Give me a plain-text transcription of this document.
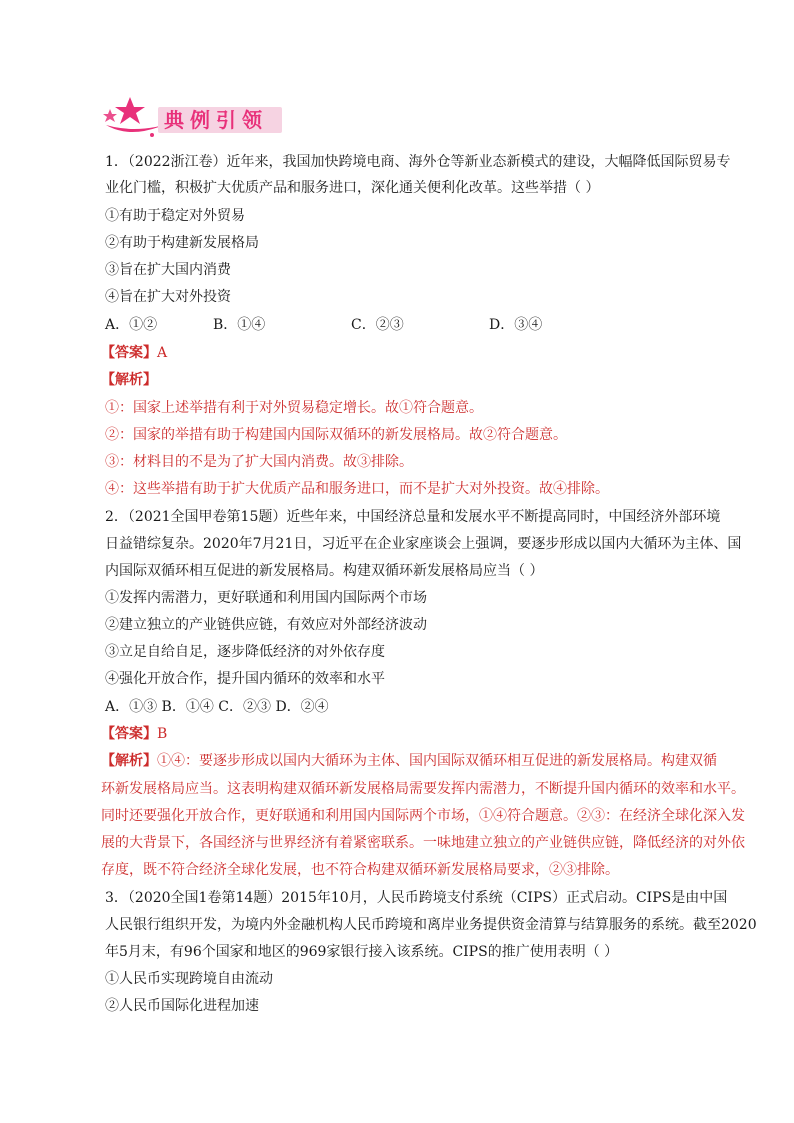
典例引领
1．（2022浙江卷）近年来，我国加快跨境电商、海外仓等新业态新模式的建设，大幅降低国际贸易专
业化门槛，积极扩大优质产品和服务进口，深化通关便利化改革。这些举措（ ）
①有助于稳定对外贸易
②有助于构建新发展格局
③旨在扩大国内消费
④旨在扩大对外投资
A．①②	B．①④	C．②③	D．③④
【答案】A
【解析】
①：国家上述举措有利于对外贸易稳定增长。故①符合题意。
②：国家的举措有助于构建国内国际双循环的新发展格局。故②符合题意。
③：材料目的不是为了扩大国内消费。故③排除。
④：这些举措有助于扩大优质产品和服务进口，而不是扩大对外投资。故④排除。
2．（2021全国甲卷第15题）近些年来，中国经济总量和发展水平不断提高同时，中国经济外部环境
日益错综复杂。2020年7月21日，习近平在企业家座谈会上强调，要逐步形成以国内大循环为主体、国
内国际双循环相互促进的新发展格局。构建双循环新发展格局应当（ ）
①发挥内需潜力，更好联通和利用国内国际两个市场
②建立独立的产业链供应链，有效应对外部经济波动
③立足自给自足，逐步降低经济的对外依存度
④强化开放合作，提升国内循环的效率和水平
A．①③ B．①④ C．②③ D．②④
【答案】B
【解析】①④：要逐步形成以国内大循环为主体、国内国际双循环相互促进的新发展格局。构建双循
环新发展格局应当。这表明构建双循环新发展格局需要发挥内需潜力，不断提升国内循环的效率和水平。
同时还要强化开放合作，更好联通和利用国内国际两个市场，①④符合题意。②③：在经济全球化深入发
展的大背景下，各国经济与世界经济有着紧密联系。一味地建立独立的产业链供应链，降低经济的对外依
存度，既不符合经济全球化发展，也不符合构建双循环新发展格局要求，②③排除。
3．（2020全国1卷第14题）2015年10月，人民币跨境支付系统（CIPS）正式启动。CIPS是由中国
人民银行组织开发，为境内外金融机构人民币跨境和离岸业务提供资金清算与结算服务的系统。截至2020
年5月末，有96个国家和地区的969家银行接入该系统。CIPS的推广使用表明（ ）
①人民币实现跨境自由流动
②人民币国际化进程加速
